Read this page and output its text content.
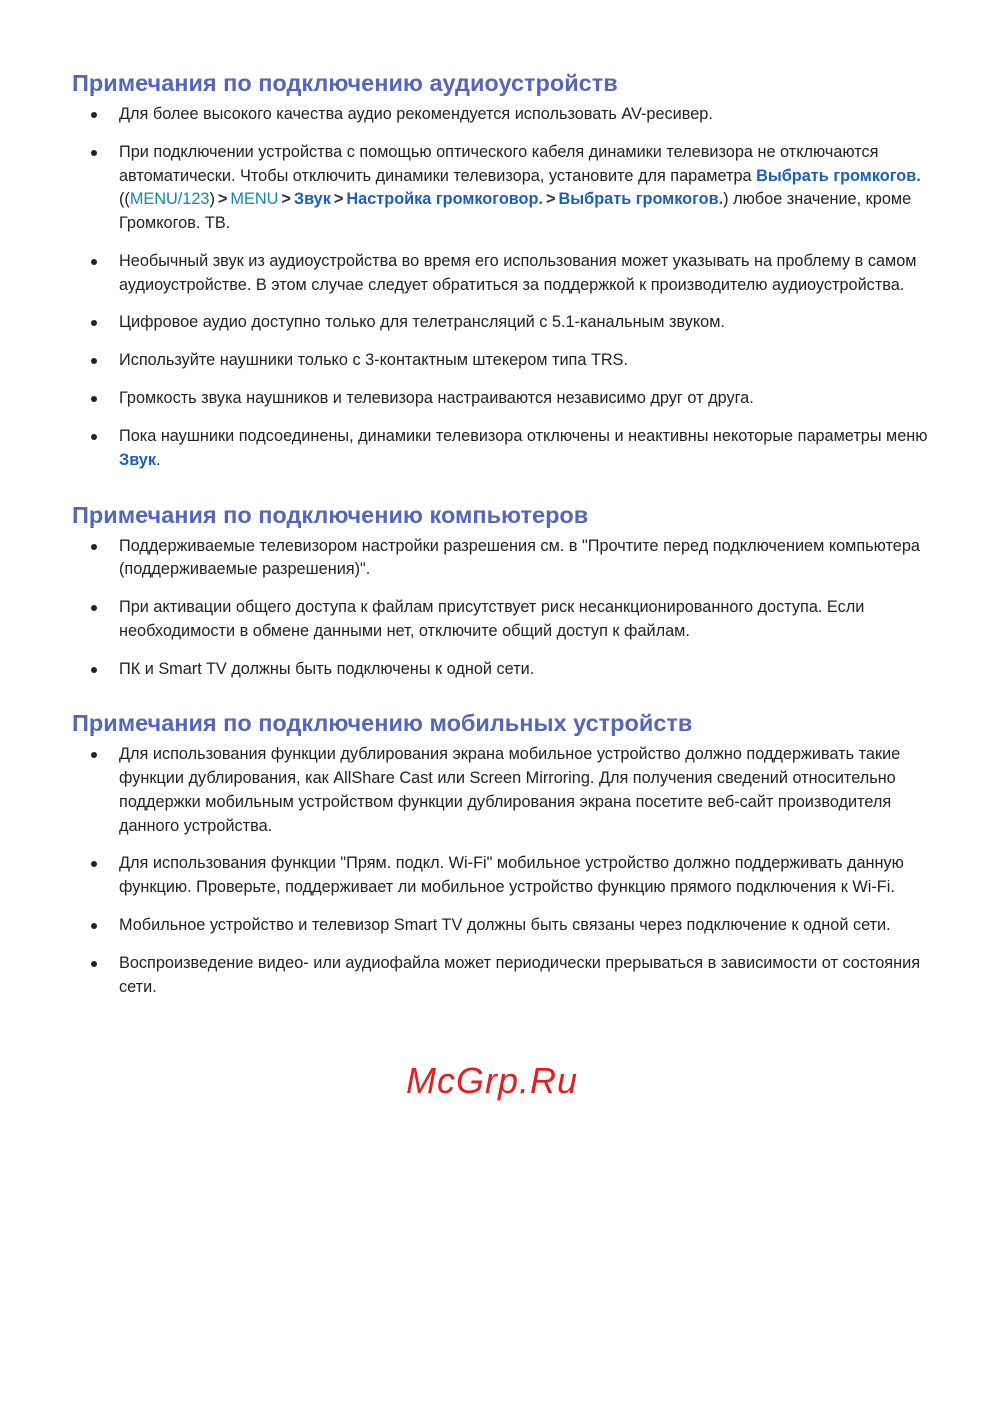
Примечания по подключению аудиоустройств
Для более высокого качества аудио рекомендуется использовать AV-ресивер.
При подключении устройства с помощью оптического кабеля динамики телевизора не отключаются автоматически. Чтобы отключить динамики телевизора, установите для параметра Выбрать громкогов. ((MENU/123) > MENU > Звук > Настройка громкоговор. > Выбрать громкогов.) любое значение, кроме Громкогов. ТВ.
Необычный звук из аудиоустройства во время его использования может указывать на проблему в самом аудиоустройстве. В этом случае следует обратиться за поддержкой к производителю аудиоустройства.
Цифровое аудио доступно только для телетрансляций с 5.1-канальным звуком.
Используйте наушники только с 3-контактным штекером типа TRS.
Громкость звука наушников и телевизора настраиваются независимо друг от друга.
Пока наушники подсоединены, динамики телевизора отключены и неактивны некоторые параметры меню Звук.
Примечания по подключению компьютеров
Поддерживаемые телевизором настройки разрешения см. в "Прочтите перед подключением компьютера (поддерживаемые разрешения)".
При активации общего доступа к файлам присутствует риск несанкционированного доступа. Если необходимости в обмене данными нет, отключите общий доступ к файлам.
ПК и Smart TV должны быть подключены к одной сети.
Примечания по подключению мобильных устройств
Для использования функции дублирования экрана мобильное устройство должно поддерживать такие функции дублирования, как AllShare Cast или Screen Mirroring. Для получения сведений относительно поддержки мобильным устройством функции дублирования экрана посетите веб-сайт производителя данного устройства.
Для использования функции "Прям. подкл. Wi-Fi" мобильное устройство должно поддерживать данную функцию. Проверьте, поддерживает ли мобильное устройство функцию прямого подключения к Wi-Fi.
Мобильное устройство и телевизор Smart TV должны быть связаны через подключение к одной сети.
Воспроизведение видео- или аудиофайла может периодически прерываться в зависимости от состояния сети.
McGrp.Ru
